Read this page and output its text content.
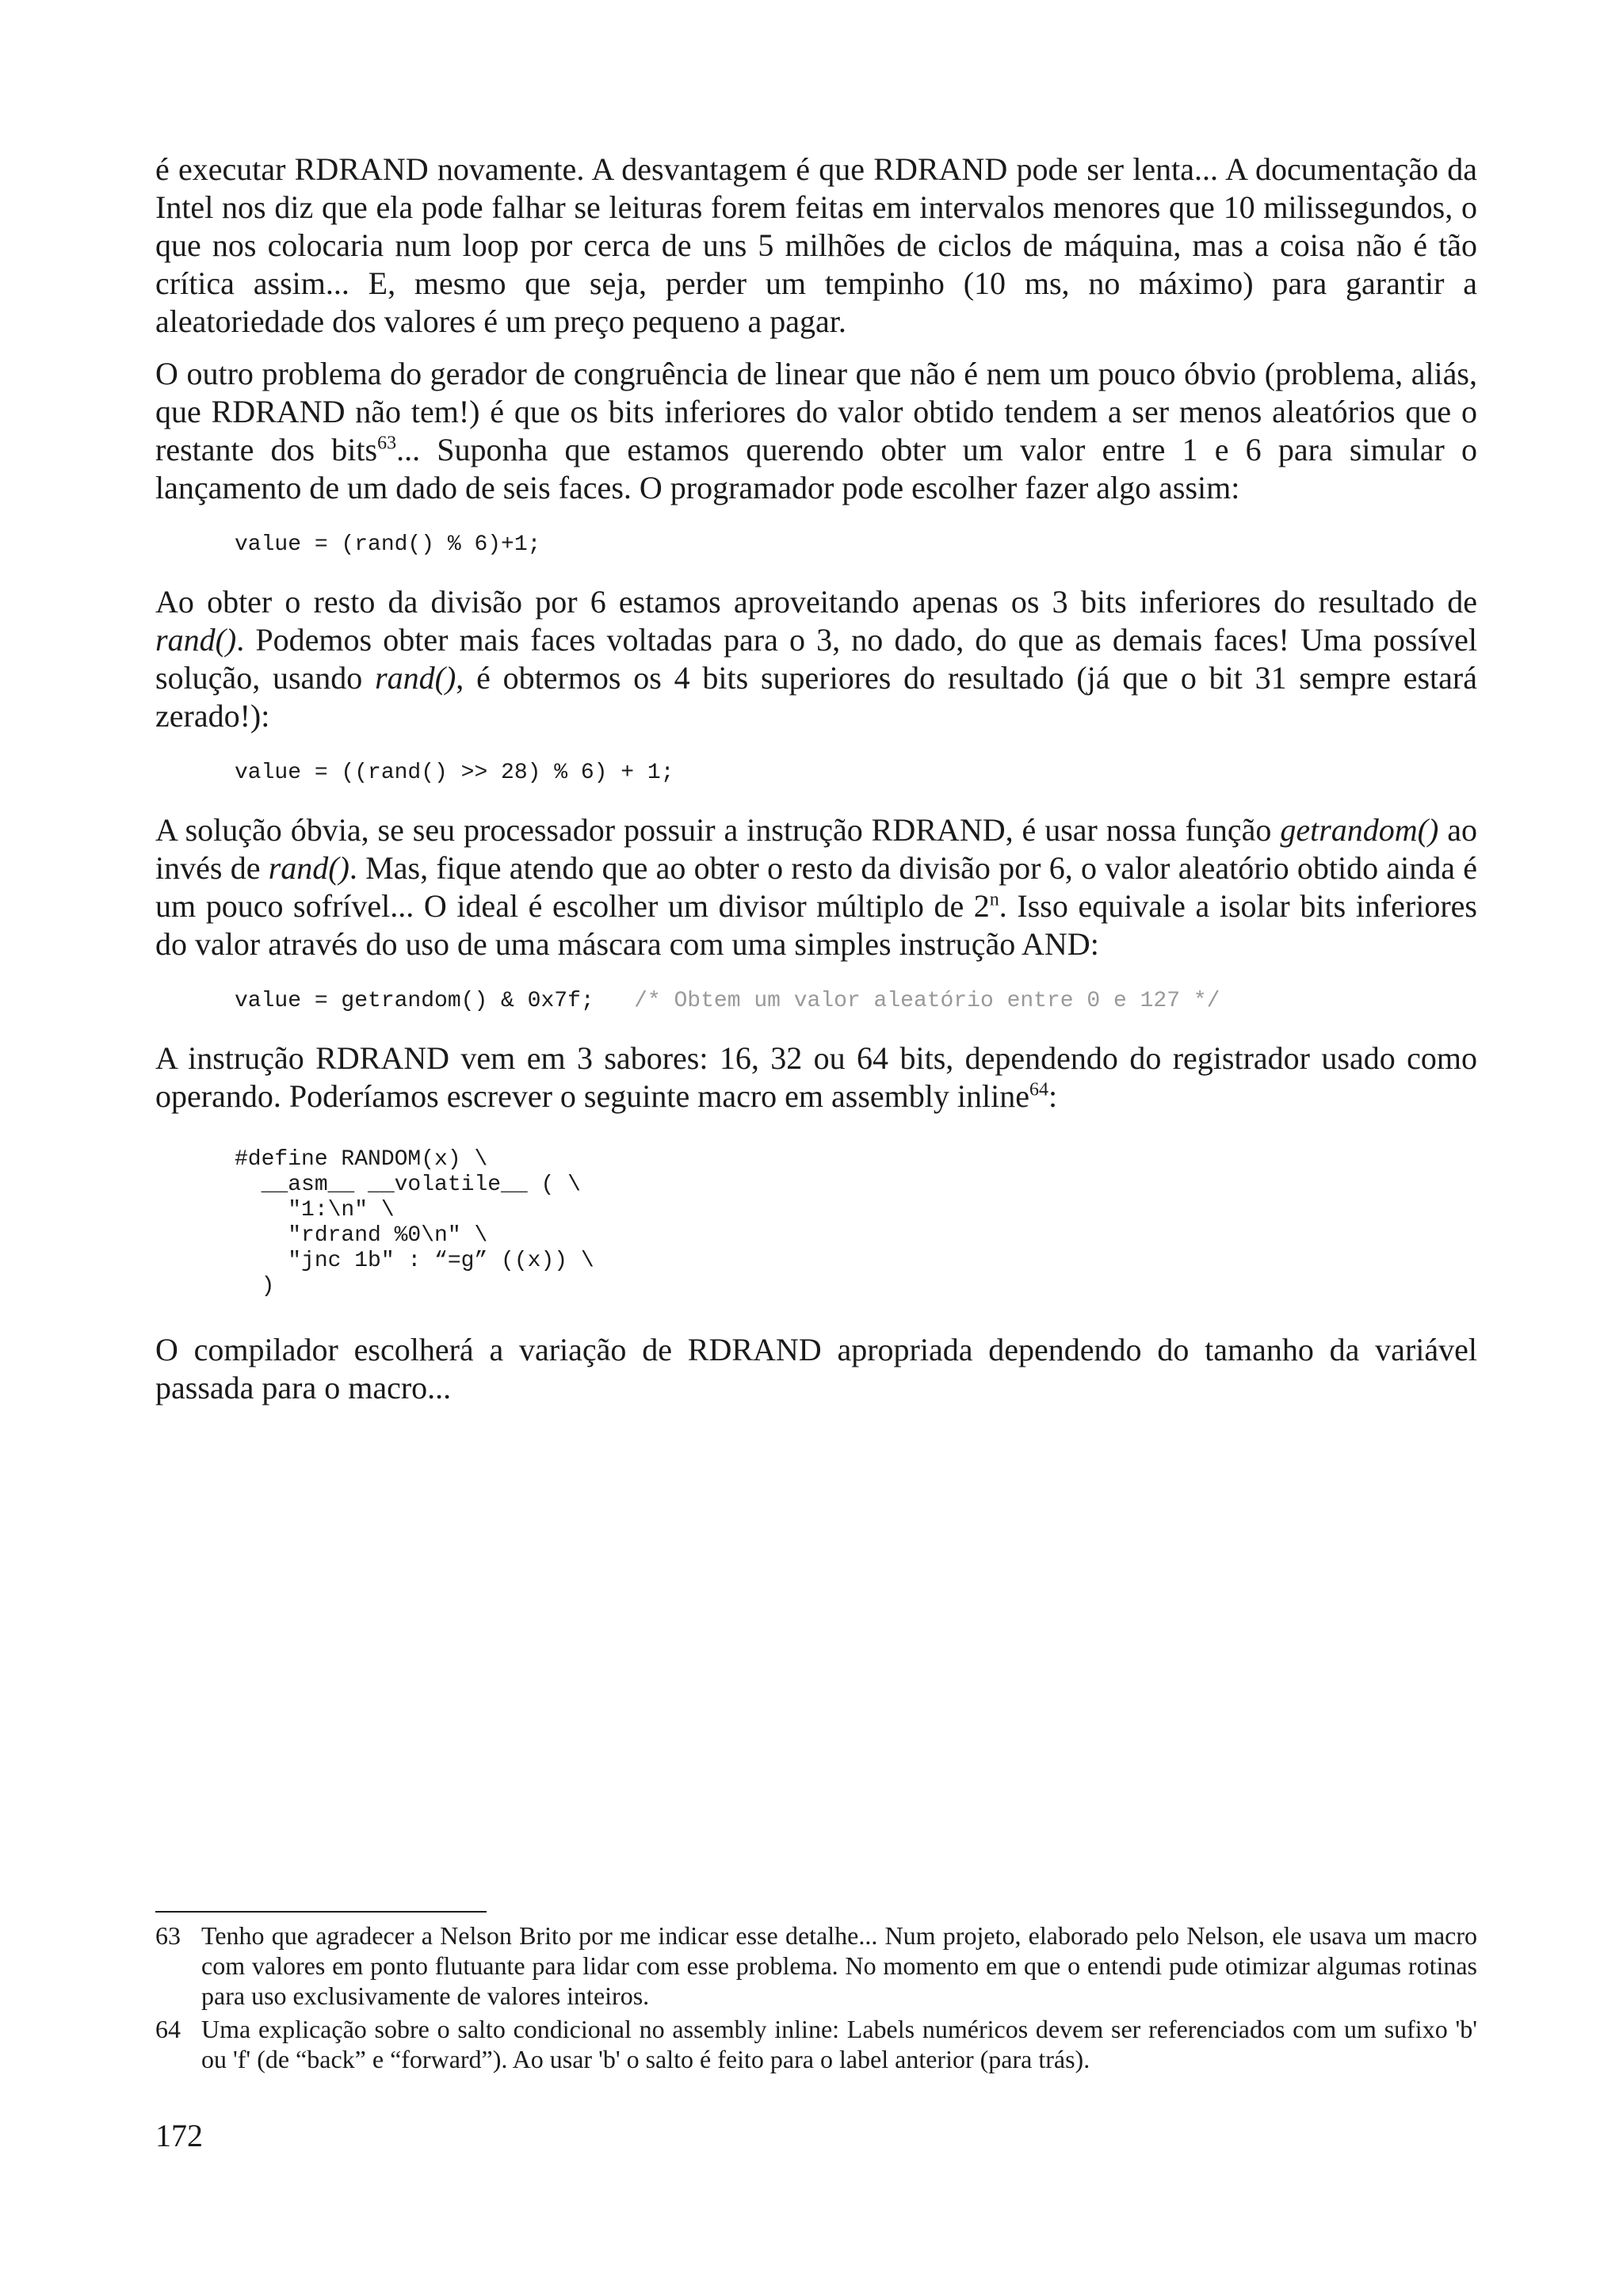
é executar RDRAND novamente. A desvantagem é que RDRAND pode ser lenta... A documentação da Intel nos diz que ela pode falhar se leituras forem feitas em intervalos menores que 10 milissegundos, o que nos colocaria num loop por cerca de uns 5 milhões de ciclos de máquina, mas a coisa não é tão crítica assim... E, mesmo que seja, perder um tempinho (10 ms, no máximo) para garantir a aleatoriedade dos valores é um preço pequeno a pagar.

O outro problema do gerador de congruência de linear que não é nem um pouco óbvio (problema, aliás, que RDRAND não tem!) é que os bits inferiores do valor obtido tendem a ser menos aleatórios que o restante dos bits$^{63}$... Suponha que estamos querendo obter um valor entre 1 e 6 para simular o lançamento de um dado de seis faces. O programador pode escolher fazer algo assim:

value = (rand() % 6)+1;

Ao obter o resto da divisão por 6 estamos aproveitando apenas os 3 bits inferiores do resultado de rand(). Podemos obter mais faces voltadas para o 3, no dado, do que as demais faces! Uma possível solução, usando rand(), é obtermos os 4 bits superiores do resultado (já que o bit 31 sempre estará zerado!):

value = ((rand() >> 28) % 6) + 1;

A solução óbvia, se seu processador possuir a instrução RDRAND, é usar nossa função getrandom() ao invés de rand(). Mas, fique atendo que ao obter o resto da divisão por 6, o valor aleatório obtido ainda é um pouco sofrível... O ideal é escolher um divisor múltiplo de 2$^n$. Isso equivale a isolar bits inferiores do valor através do uso de uma máscara com uma simples instrução AND:

value = getrandom() & 0x7f;   /* Obtem um valor aleatório entre 0 e 127 */

A instrução RDRAND vem em 3 sabores: 16, 32 ou 64 bits, dependendo do registrador usado como operando. Poderíamos escrever o seguinte macro em assembly inline$^{64}$:

#define RANDOM(x) \
__asm__ __volatile__ ( \
"1:\n" \
"rdrand %0\n" \
"jnc 1b" : “=g” ((x)) \
)

O compilador escolherá a variação de RDRAND apropriada dependendo do tamanho da variável passada para o macro...

63 Tenho que agradecer a Nelson Brito por me indicar esse detalhe... Num projeto, elaborado pelo Nelson, ele usava um macro com valores em ponto flutuante para lidar com esse problema. No momento em que o entendi pude otimizar algumas rotinas para uso exclusivamente de valores inteiros.
64 Uma explicação sobre o salto condicional no assembly inline: Labels numéricos devem ser referenciados com um sufixo 'b' ou 'f' (de “back” e “forward”). Ao usar 'b' o salto é feito para o label anterior (para trás).
172
